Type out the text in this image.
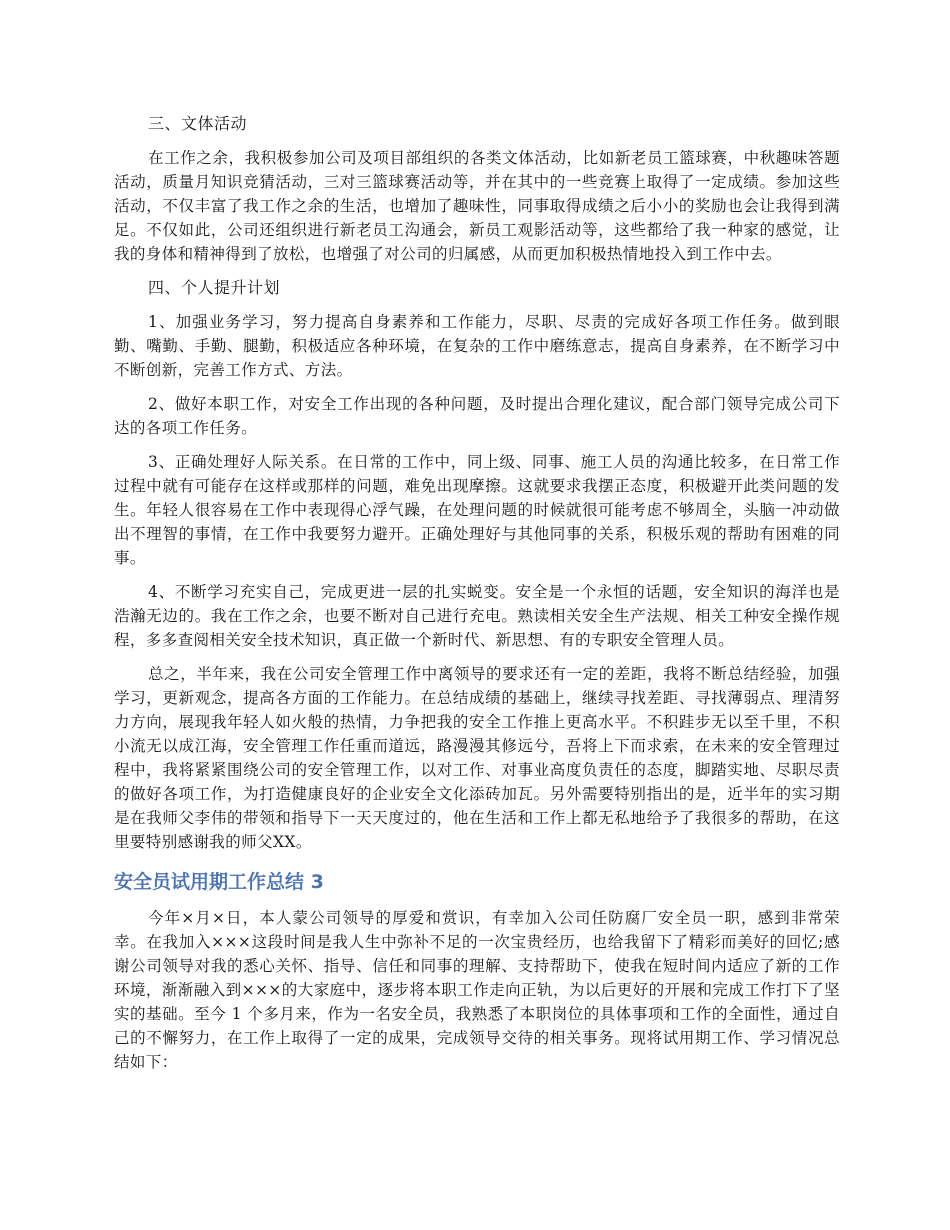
三、文体活动

在工作之余，我积极参加公司及项目部组织的各类文体活动，比如新老员工篮球赛，中秋趣味答题活动，质量月知识竞猜活动，三对三篮球赛活动等，并在其中的一些竞赛上取得了一定成绩。参加这些活动，不仅丰富了我工作之余的生活，也增加了趣味性，同事取得成绩之后小小的奖励也会让我得到满足。不仅如此，公司还组织进行新老员工沟通会，新员工观影活动等，这些都给了我一种家的感觉，让我的身体和精神得到了放松，也增强了对公司的归属感，从而更加积极热情地投入到工作中去。

四、个人提升计划

1、加强业务学习，努力提高自身素养和工作能力，尽职、尽责的完成好各项工作任务。做到眼勤、嘴勤、手勤、腿勤，积极适应各种环境，在复杂的工作中磨练意志，提高自身素养，在不断学习中不断创新，完善工作方式、方法。

2、做好本职工作，对安全工作出现的各种问题，及时提出合理化建议，配合部门领导完成公司下达的各项工作任务。

3、正确处理好人际关系。在日常的工作中，同上级、同事、施工人员的沟通比较多，在日常工作过程中就有可能存在这样或那样的问题，难免出现摩擦。这就要求我摆正态度，积极避开此类问题的发生。年轻人很容易在工作中表现得心浮气躁，在处理问题的时候就很可能考虑不够周全，头脑一冲动做出不理智的事情，在工作中我要努力避开。正确处理好与其他同事的关系，积极乐观的帮助有困难的同事。

4、不断学习充实自己，完成更进一层的扎实蜕变。安全是一个永恒的话题，安全知识的海洋也是浩瀚无边的。我在工作之余，也要不断对自己进行充电。熟读相关安全生产法规、相关工种安全操作规程，多多查阅相关安全技术知识，真正做一个新时代、新思想、有的专职安全管理人员。

总之，半年来，我在公司安全管理工作中离领导的要求还有一定的差距，我将不断总结经验，加强学习，更新观念，提高各方面的工作能力。在总结成绩的基础上，继续寻找差距、寻找薄弱点、理清努力方向，展现我年轻人如火般的热情，力争把我的安全工作推上更高水平。不积跬步无以至千里，不积小流无以成江海，安全管理工作任重而道远，路漫漫其修远兮，吾将上下而求索，在未来的安全管理过程中，我将紧紧围绕公司的安全管理工作，以对工作、对事业高度负责任的态度，脚踏实地、尽职尽责的做好各项工作，为打造健康良好的企业安全文化添砖加瓦。另外需要特别指出的是，近半年的实习期是在我师父李伟的带领和指导下一天天度过的，他在生活和工作上都无私地给予了我很多的帮助，在这里要特别感谢我的师父XX。

安全员试用期工作总结 3

今年×月×日，本人蒙公司领导的厚爱和赏识，有幸加入公司任防腐厂安全员一职，感到非常荣幸。在我加入×××这段时间是我人生中弥补不足的一次宝贵经历，也给我留下了精彩而美好的回忆;感谢公司领导对我的悉心关怀、指导、信任和同事的理解、支持帮助下，使我在短时间内适应了新的工作环境，渐渐融入到×××的大家庭中，逐步将本职工作走向正轨，为以后更好的开展和完成工作打下了坚实的基础。至今 1 个多月来，作为一名安全员，我熟悉了本职岗位的具体事项和工作的全面性，通过自己的不懈努力，在工作上取得了一定的成果，完成领导交待的相关事务。现将试用期工作、学习情况总结如下：
